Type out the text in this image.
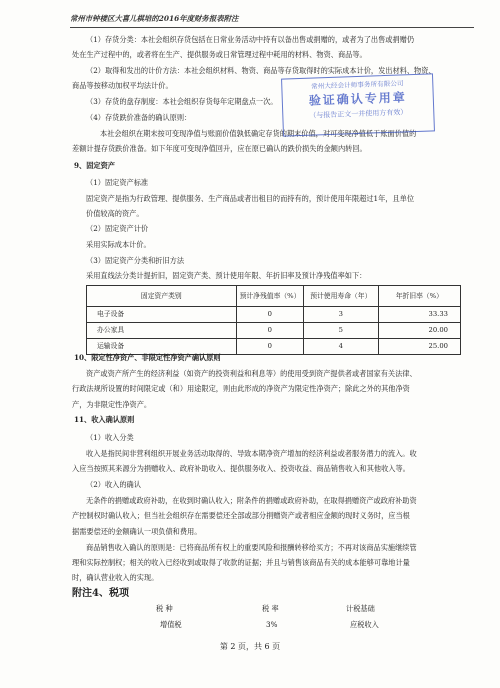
常州市钟楼区大喜儿棋培的2016年度财务报表附注
（1）存货分类：本社会组织存货包括在日常业务活动中持有以备出售或捐赠的，或者为了出售或捐赠仍
处在生产过程中的，或者将在生产、提供服务或日常管理过程中耗用的材料、物资、商品等。
（2）取得和发出的计价方法：本社会组织材料、物资、商品等存货取得时的实际成本计价，发出材料、物资、
商品等按移动加权平均法计价。
（3）存货的盘存制度：本社会组织存货每年定期盘点一次。
（4）存货跌价准备的确认原则：
本社会组织在期末按可变现净值与账面价值孰低确定存货的期末价值，对可变现净值低于账面价值的
差额计提存货跌价准备。如下年度可变现净值回升，应在原已确认的跌价损失的金额内转回。
常州大经会计师事务所有限公司
验证确认专用章
（与报告正文一并使用方有效）
9、固定资产
（1）固定资产标准
固定资产是指为行政管理、提供服务、生产商品或者出租目的而持有的，预计使用年限超过1年，且单位
价值较高的资产。
（2）固定资产计价
采用实际成本计价。
（3）固定资产分类和折旧方法
采用直线法分类计提折旧，固定资产类、预计使用年限、年折旧率及预计净残值率如下：
固定资产类别	预计净残值率（%）	预计使用寿命（年）	年折旧率（%）
电子设备	0	3	33.33
办公家具	0	5	20.00
运输设备	0	4	25.00
10、限定性净资产、非限定性净资产确认原则
资产或资产所产生的经济利益（如资产的投资利益和利息等）的使用受到资产提供者或者国家有关法律、
行政法规所设置的时间限定或（和）用途限定，则由此形成的净资产为限定性净资产；除此之外的其他净资
产，为非限定性净资产。
11、收入确认原则
（1）收入分类
收入是指民间非营利组织开展业务活动取得的、导致本期净资产增加的经济利益或者服务潜力的流入。收
入应当按照其来源分为捐赠收入、政府补助收入、提供服务收入、投资收益、商品销售收入和其他收入等。
（2）收入的确认
无条件的捐赠或政府补助，在收到时确认收入；附条件的捐赠或政府补助，在取得捐赠资产或政府补助资
产控制权时确认收入；但当社会组织存在需要偿还全部或部分捐赠资产或者相应金额的现时义务时，应当根
据需要偿还的金额确认一项负债和费用。
商品销售收入确认的原则是：已将商品所有权上的重要风险和报酬转移给买方；不再对该商品实施继续管
理和实际控制权；相关的收入已经收到或取得了收款的证据；并且与销售该商品有关的成本能够可靠地计量
时，确认营业收入的实现。
附注4、税项
税 种	税 率	计税基础
增值税	3%	应税收入
第 2 页，共 6 页
